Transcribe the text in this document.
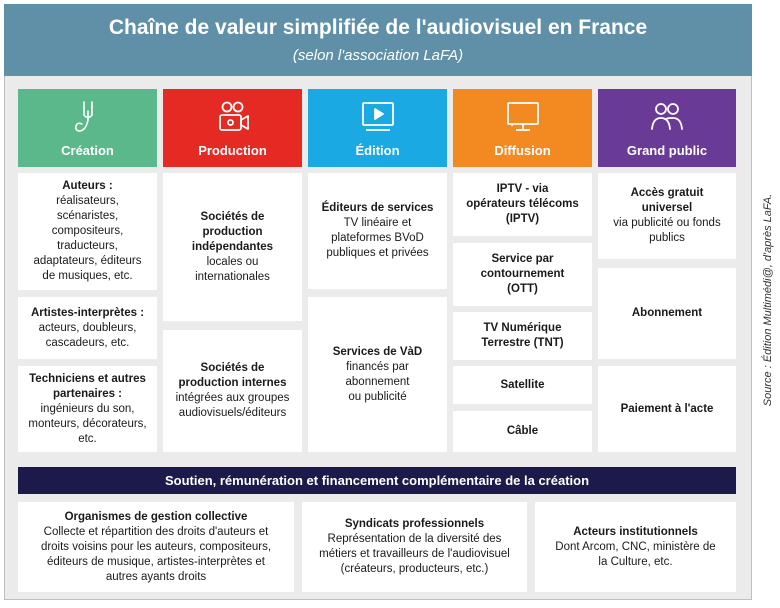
Chaîne de valeur simplifiée de l'audiovisuel en France
(selon l'association LaFA)
Création	Production	Édition	Diffusion	Grand public
Auteurs :
réalisateurs,
scénaristes,
compositeurs,
traducteurs,
adaptateurs, éditeurs
de musiques, etc.
Artistes-interprètes :
acteurs, doubleurs,
cascadeurs, etc.
Techniciens et autres
partenaires :
ingénieurs du son,
monteurs, décorateurs,
etc.
Sociétés de
production
indépendantes
locales ou
internationales
Sociétés de
production internes
intégrées aux groupes
audiovisuels/éditeurs
Éditeurs de services
TV linéaire et
plateformes BVoD
publiques et privées
Services de VàD
financés par
abonnement
ou publicité
IPTV - via
opérateurs télécoms
(IPTV)
Service par
contournement
(OTT)
TV Numérique
Terrestre (TNT)
Satellite
Câble
Accès gratuit
universel
via publicité ou fonds
publics
Abonnement
Paiement à l'acte
Soutien, rémunération et financement complémentaire de la création
Organismes de gestion collective
Collecte et répartition des droits d'auteurs et
droits voisins pour les auteurs, compositeurs,
éditeurs de musique, artistes-interprètes et
autres ayants droits
Syndicats professionnels
Représentation de la diversité des
métiers et travailleurs de l'audiovisuel
(créateurs, producteurs, etc.)
Acteurs institutionnels
Dont Arcom, CNC, ministère de
la Culture, etc.
Source : Édition Multimédi@, d'après LaFA.
